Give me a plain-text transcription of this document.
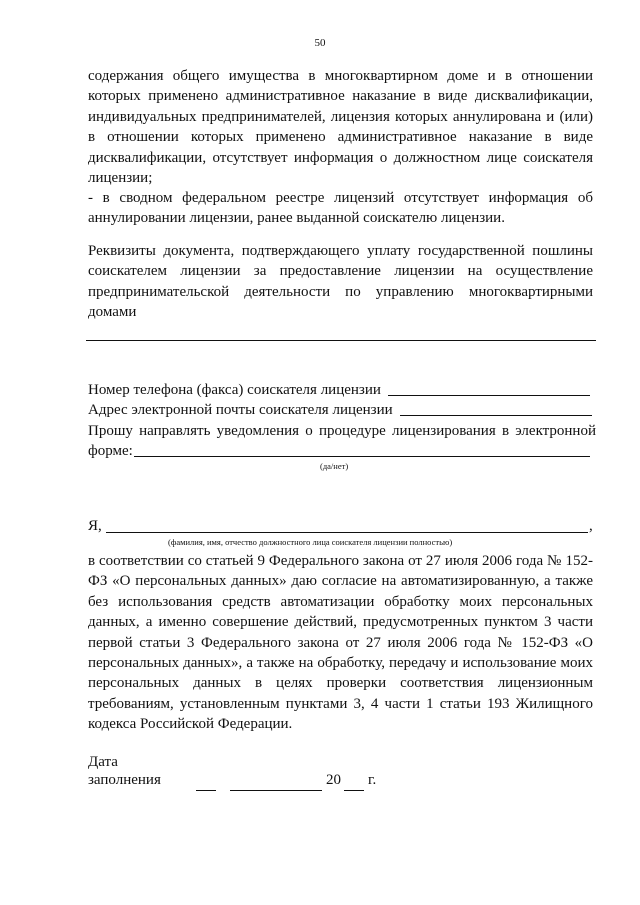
50

содержания общего имущества в многоквартирном доме и в отношении которых применено административное наказание в виде дисквалификации, индивидуальных предпринимателей, лицензия которых аннулирована и (или) в отношении которых применено административное наказание в виде дисквалификации, отсутствует информация о должностном лице соискателя лицензии;

- в сводном федеральном реестре лицензий отсутствует информация об аннулировании лицензии, ранее выданной соискателю лицензии.

Реквизиты документа, подтверждающего уплату государственной пошлины соискателем лицензии за предоставление лицензии на осуществление предпринимательской деятельности по управлению многоквартирными домами

Номер телефона (факса) соискателя лицензии
Адрес электронной почты соискателя лицензии
Прошу направлять уведомления о процедуре лицензирования в электронной
форме:
(да/нет)
Я,	,
(фамилия, имя, отчество должностного лица соискателя лицензии полностью)

в соответствии со статьей 9 Федерального закона от 27 июля 2006 года № 152-ФЗ «О персональных данных» даю согласие на автоматизированную, а также без использования средств автоматизации обработку моих персональных данных, а именно совершение действий, предусмотренных пунктом 3 части первой статьи 3 Федерального закона от 27 июля 2006 года № 152-ФЗ «О персональных данных», а также на обработку, передачу и использование моих персональных данных в целях проверки соответствия лицензионным требованиям, установленным пунктами 3, 4 части 1 статьи 193 Жилищного кодекса Российской Федерации.

Дата
заполнения	20	г.
